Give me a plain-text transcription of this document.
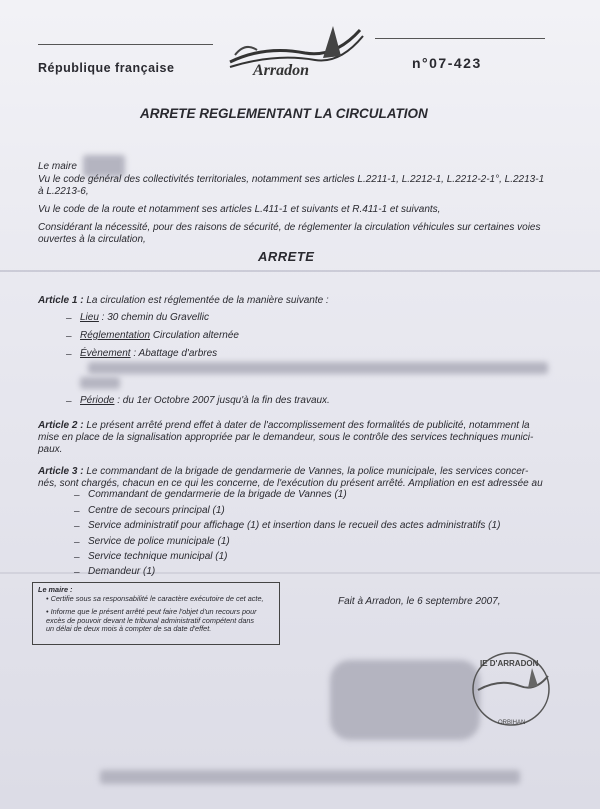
République française	Arradon	n°07-423
ARRETE REGLEMENTANT LA CIRCULATION
Le maire
Vu le code général des collectivités territoriales, notamment ses articles L.2211-1, L.2212-1, L.2212-2-1°, L.2213-1
à L.2213-6,
Vu le code de la route et notamment ses articles L.411-1 et suivants et R.411-1 et suivants,
Considérant la nécessité, pour des raisons de sécurité, de réglementer la circulation véhicules sur certaines voies
ouvertes à la circulation,
ARRETE
Article 1 : La circulation est réglementée de la manière suivante :
– Lieu : 30 chemin du Gravellic
– Réglementation Circulation alternée
– Évènement : Abattage d'arbres
– Période : du 1er Octobre 2007 jusqu'à la fin des travaux.
Article 2 : Le présent arrêté prend effet à dater de l'accomplissement des formalités de publicité, notamment la
mise en place de la signalisation appropriée par le demandeur, sous le contrôle des services techniques munici-
paux.
Article 3 : Le commandant de la brigade de gendarmerie de Vannes, la police municipale, les services concer-
nés, sont chargés, chacun en ce qui les concerne, de l'exécution du présent arrêté. Ampliation en est adressée au
– Commandant de gendarmerie de la brigade de Vannes (1)
– Centre de secours principal (1)
– Service administratif pour affichage (1) et insertion dans le recueil des actes administratifs (1)
– Service de police municipale (1)
– Service technique municipal (1)
– Demandeur (1)
Le maire :
• Certifie sous sa responsabilité le caractère exécutoire de cet acte,
• Informe que le présent arrêté peut faire l'objet d'un recours pour
excès de pouvoir devant le tribunal administratif compétent dans
un délai de deux mois à compter de sa date d'effet.
Fait à Arradon, le 6 septembre 2007,
IE D'ARRADON
ORBIHAN
